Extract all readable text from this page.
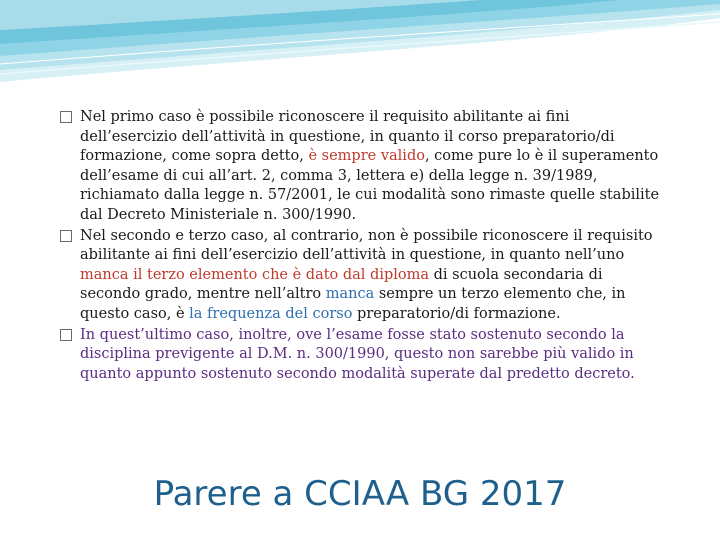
Nel primo caso è possibile riconoscere il requisito abilitante ai fini dell’esercizio dell’attività in questione, in quanto il corso preparatorio/di formazione, come sopra detto, è sempre valido, come pure lo è il superamento dell’esame di cui all’art. 2, comma 3, lettera e) della legge n. 39/1989, richiamato dalla legge n. 57/2001, le cui modalità sono rimaste quelle stabilite dal Decreto Ministeriale n. 300/1990.

Nel secondo e terzo caso, al contrario, non è possibile riconoscere il requisito abilitante ai fini dell’esercizio dell’attività in questione, in quanto nell’uno manca il terzo elemento che è dato dal diploma di scuola secondaria di secondo grado, mentre nell’altro manca sempre un terzo elemento che, in questo caso, è la frequenza del corso preparatorio/di formazione.

In quest’ultimo caso, inoltre, ove l’esame fosse stato sostenuto secondo la disciplina previgente al D.M. n. 300/1990, questo non sarebbe più valido in quanto appunto sostenuto secondo modalità superate dal predetto decreto.

Parere a CCIAA BG 2017
